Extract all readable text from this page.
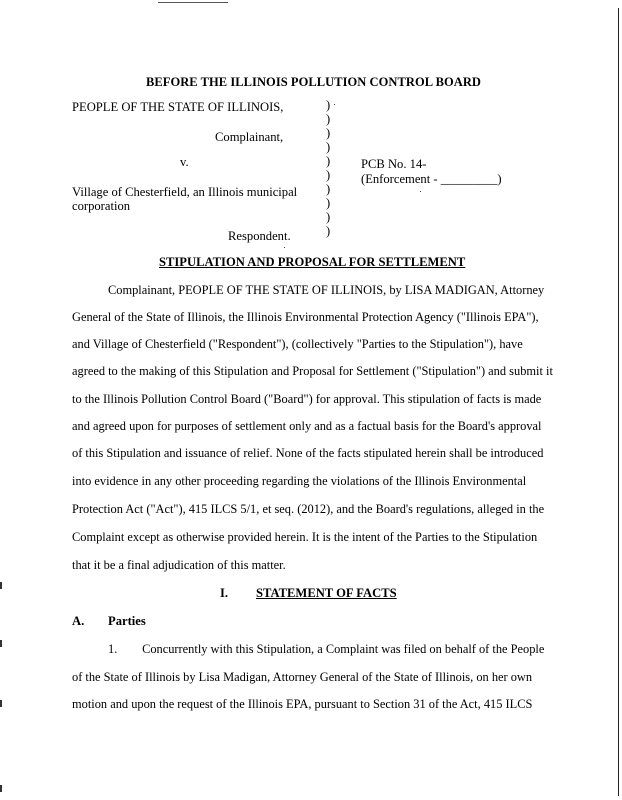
BEFORE THE ILLINOIS POLLUTION CONTROL BOARD
PEOPLE OF THE STATE OF ILLINOIS,
Complainant,
v.
Village of Chesterfield, an Illinois municipal
corporation
Respondent.
PCB No. 14-
(Enforcement - _________)
)
)
)
)
)
)
)
)
)
)
STIPULATION AND PROPOSAL FOR SETTLEMENT
Complainant, PEOPLE OF THE STATE OF ILLINOIS, by LISA MADIGAN, Attorney
General of the State of Illinois, the Illinois Environmental Protection Agency ("Illinois EPA"),
and Village of Chesterfield ("Respondent"), (collectively "Parties to the Stipulation"), have
agreed to the making of this Stipulation and Proposal for Settlement ("Stipulation") and submit it
to the Illinois Pollution Control Board ("Board") for approval. This stipulation of facts is made
and agreed upon for purposes of settlement only and as a factual basis for the Board's approval
of this Stipulation and issuance of relief. None of the facts stipulated herein shall be introduced
into evidence in any other proceeding regarding the violations of the Illinois Environmental
Protection Act ("Act"), 415 ILCS 5/1, et seq. (2012), and the Board's regulations, alleged in the
Complaint except as otherwise provided herein. It is the intent of the Parties to the Stipulation
that it be a final adjudication of this matter.
I. STATEMENT OF FACTS
A. Parties
1.        Concurrently with this Stipulation, a Complaint was filed on behalf of the People
of the State of Illinois by Lisa Madigan, Attorney General of the State of Illinois, on her own
motion and upon the request of the Illinois EPA, pursuant to Section 31 of the Act, 415 ILCS
